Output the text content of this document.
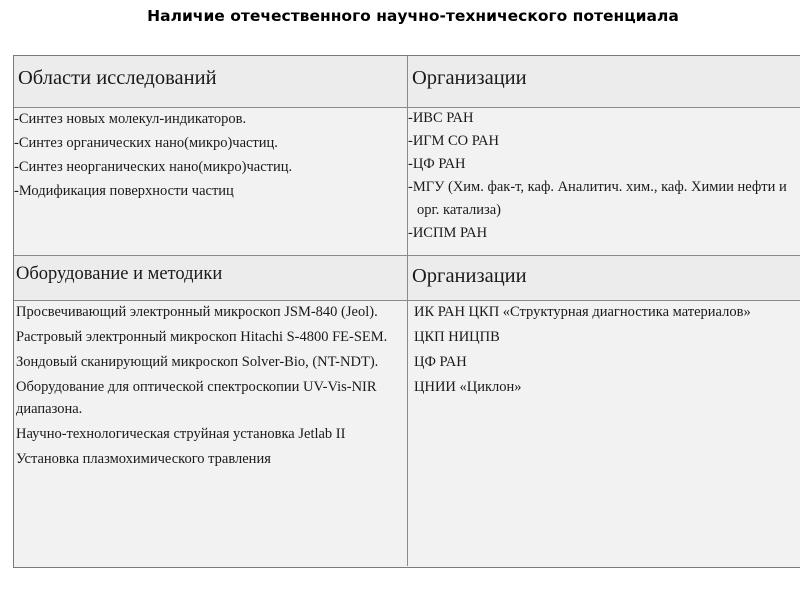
Наличие отечественного научно-технического потенциала
Области исследований	Организации
-Синтез новых молекул-индикаторов.
-Синтез органических нано(микро)частиц.
-Синтез неорганических нано(микро)частиц.
-Модификация поверхности частиц
-ИВС РАН
-ИГМ СО РАН
-ЦФ РАН
-МГУ (Хим. фак-т, каф. Аналитич. хим., каф. Химии нефти и орг. катализа)
-ИСПМ РАН
Оборудование и методики	Организации
Просвечивающий электронный микроскоп JSM-840 (Jeol).
Растровый электронный микроскоп Hitachi S-4800 FE-SEM.
Зондовый сканирующий микроскоп Solver-Bio, (NT-NDT).
Оборудование для оптической спектроскопии UV-Vis-NIR диапазона.
Научно-технологическая струйная установка Jetlab II
Установка плазмохимического травления
ИК РАН ЦКП «Структурная диагностика материалов»
ЦКП НИЦПВ
ЦФ РАН
ЦНИИ «Циклон»
